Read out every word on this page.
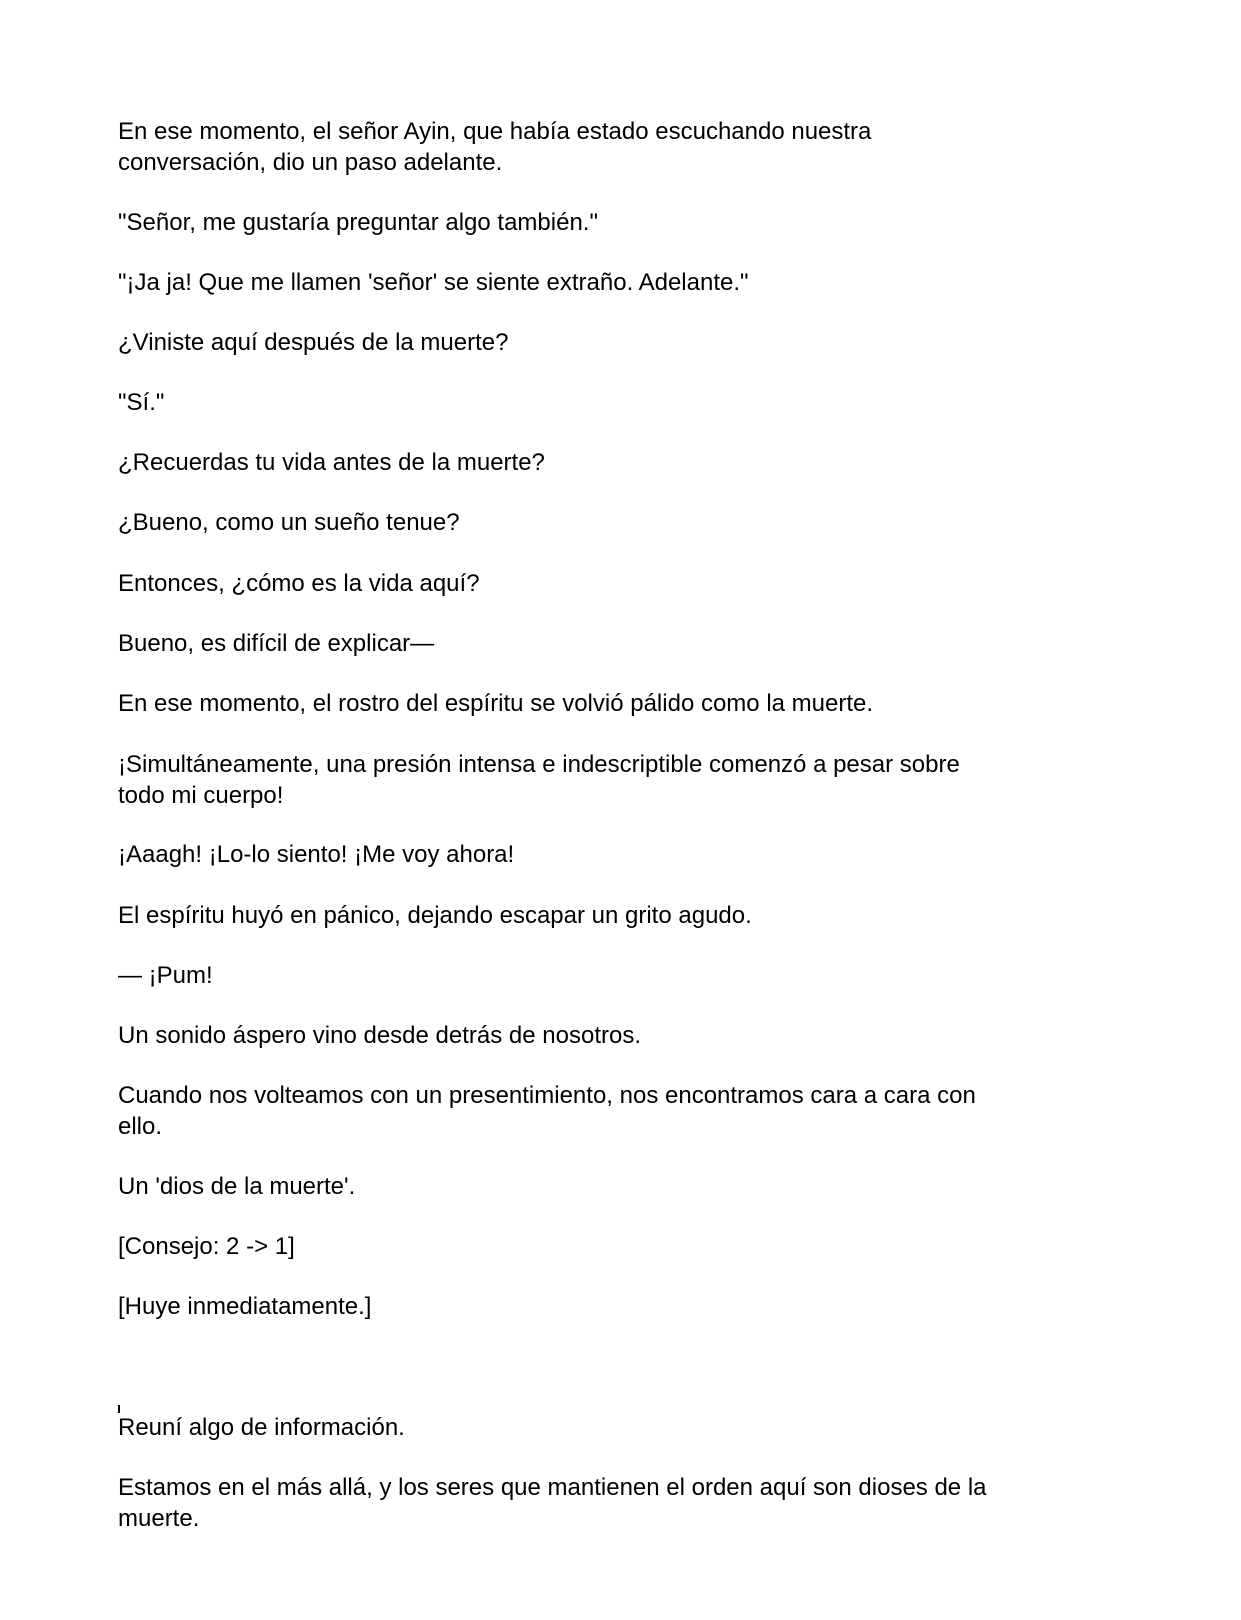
En ese momento, el señor Ayin, que había estado escuchando nuestra
conversación, dio un paso adelante.
"Señor, me gustaría preguntar algo también."
"¡Ja ja! Que me llamen 'señor' se siente extraño. Adelante."
¿Viniste aquí después de la muerte?
"Sí."
¿Recuerdas tu vida antes de la muerte?
¿Bueno, como un sueño tenue?
Entonces, ¿cómo es la vida aquí?
Bueno, es difícil de explicar—
En ese momento, el rostro del espíritu se volvió pálido como la muerte.
¡Simultáneamente, una presión intensa e indescriptible comenzó a pesar sobre
todo mi cuerpo!
¡Aaagh! ¡Lo-lo siento! ¡Me voy ahora!
El espíritu huyó en pánico, dejando escapar un grito agudo.
— ¡Pum!
Un sonido áspero vino desde detrás de nosotros.
Cuando nos volteamos con un presentimiento, nos encontramos cara a cara con
ello.
Un 'dios de la muerte'.
[Consejo: 2 -> 1]
[Huye inmediatamente.]
Reuní algo de información.
Estamos en el más allá, y los seres que mantienen el orden aquí son dioses de la
muerte.
